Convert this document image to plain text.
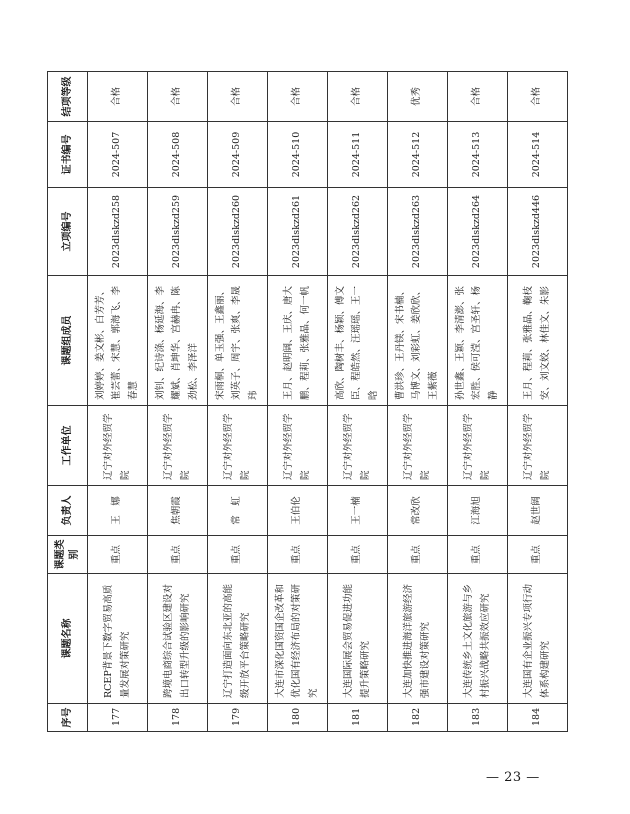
序号	课题名称	课题类别	负责人	工作单位	课题组成员	立项编号	证书编号	结项等级
177	RCEP背景下数字贸易高质量发展对策研究	重点	王　娜	辽宁对外经贸学院	刘婷婷、姜文彬、白芳芳、崔芸蕾、宋慧、郭海飞、李春慧	2023dlskzd258	2024-507	合格
178	跨境电商综合试验区建设对出口转型升级的影响研究	重点	焦朝霞	辽宁对外经贸学院	刘钊、纪诗涤、杨延海、李耀斌、肖坤华、宫赫冉、陈劲松、李泽洋	2023dlskzd259	2024-508	合格
179	辽宁打造面向东北亚的高能级开放平台策略研究	重点	常　虹	辽宁对外经贸学院	宋雨桐、单玉强、王鑫丽、刘英子、周宇、张爽、李晟玮	2023dlskzd260	2024-509	合格
180	大连市深化国资国企改革和优化国有经济布局的对策研究	重点	王伯伦	辽宁对外经贸学院	王月、赵明阔、王庆、唐大鹏、程莉、张雅晶、何一帆	2023dlskzd261	2024-510	合格
181	大连国际展会贸易促进功能提升策略研究	重点	王一楠	辽宁对外经贸学院	高欣、陶树丰、杨颖、傅文臣、程皓然、汪瑶瑶、王一晗	2023dlskzd262	2024-511	合格
182	大连加快推进海洋旅游经济强市建设对策研究	重点	常改欣	辽宁对外经贸学院	曹洪珍、王丹镁、宋书楠、马博文、刘彩虹、姜欣欣、王紫薇	2023dlskzd263	2024-512	优秀
183	大连传统乡土文化旅游与乡村振兴战略共振效应研究	重点	江海旭	辽宁对外经贸学院	孙世鑫、王颖、李清澎、张宏胜、侯可滢、宫圣轩、杨静	2023dlskzd264	2024-513	合格
184	大连国有企业振兴专项行动体系构建研究	重点	赵世阔	辽宁对外经贸学院	王月、程莉、张雅晶、鞠枝安、刘文姣、林佳文、朱影	2023dlskzd446	2024-514	合格
— 23 —
